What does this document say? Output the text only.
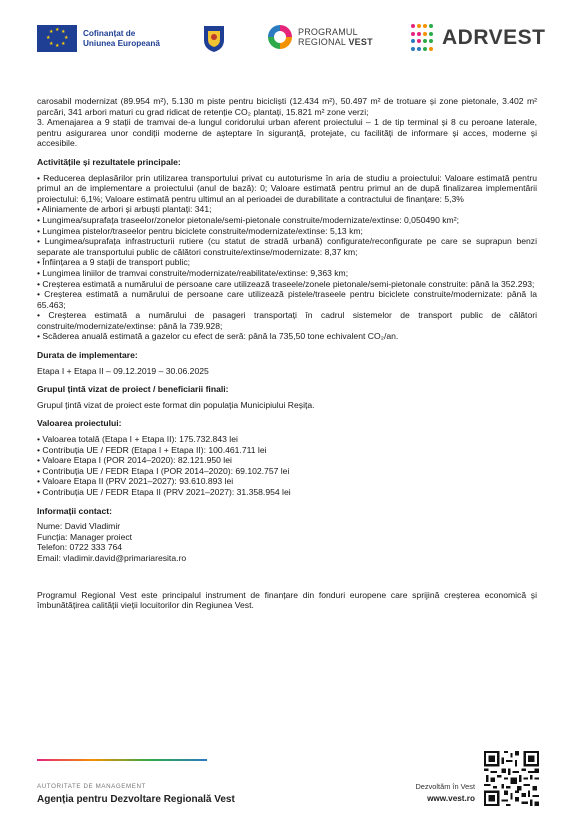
★ ★
★
★
★
★
★
★	Cofinanțat de
Uniunea Europeană
PROGRAMUL
REGIONAL VEST	ADRVEST

carosabil modernizat (89.954 m²), 5.130 m piste pentru bicicliști (12.434 m²), 50.497 m² de trotuare și zone pietonale, 3.402 m² parcări, 341 arbori maturi cu grad ridicat de retenție CO₂ plantați, 15.821 m² zone verzi;

3. Amenajarea a 9 stații de tramvai de-a lungul coridorului urban aferent proiectului – 1 de tip terminal și 8 cu peroane laterale, pentru asigurarea unor condiții moderne de așteptare în siguranță, protejate, cu facilități de informare și acces, moderne și accesibile.

Activitățile și rezultatele principale:

• Reducerea deplasărilor prin utilizarea transportului privat cu autoturisme în aria de studiu a proiectului: Valoare estimată pentru primul an de implementare a proiectului (anul de bază): 0; Valoare estimată pentru primul an de după finalizarea implementării proiectului: 6,1%; Valoare estimată pentru ultimul an al perioadei de durabilitate a contractului de finanțare: 5,3%

• Aliniamente de arbori și arbuști plantați: 341;

• Lungimea/suprafața traseelor/zonelor pietonale/semi-pietonale construite/modernizate/extinse: 0,050490 km²;

• Lungimea pistelor/traseelor pentru biciclete construite/modernizate/extinse: 5,13 km;

• Lungimea/suprafața infrastructurii rutiere (cu statut de stradă urbană) configurate/reconfigurate pe care se suprapun benzi separate ale transportului public de călători construite/extinse/modernizate: 8,37 km;

• Înființarea a 9 stații de transport public;

• Lungimea liniilor de tramvai construite/modernizate/reabilitate/extinse: 9,363 km;

• Creșterea estimată a numărului de persoane care utilizează traseele/zonele pietonale/semi-pietonale construite: până la 352.293;

• Creșterea estimată a numărului de persoane care utilizează pistele/traseele pentru biciclete construite/modernizate: până la 65.463;

• Creșterea estimată a numărului de pasageri transportați în cadrul sistemelor de transport public de călători construite/modernizate/extinse: până la 739.928;

• Scăderea anuală estimată a gazelor cu efect de seră: până la 735,50 tone echivalent CO₂/an.

Durata de implementare:

Etapa I + Etapa II – 09.12.2019 – 30.06.2025

Grupul țintă vizat de proiect / beneficiarii finali:

Grupul țintă vizat de proiect este format din populația Municipiului Reșița.

Valoarea proiectului:

• Valoarea totală (Etapa I + Etapa II): 175.732.843 lei

• Contribuția UE / FEDR (Etapa I + Etapa II): 100.461.711 lei

• Valoare Etapa I (POR 2014–2020): 82.121.950 lei

• Contribuția UE / FEDR Etapa I (POR 2014–2020): 69.102.757 lei

• Valoare Etapa II (PRV 2021–2027): 93.610.893 lei

• Contribuția UE / FEDR Etapa II (PRV 2021–2027): 31.358.954 lei

Informații contact:

Nume: David Vladimir

Funcția: Manager proiect

Telefon: 0722 333 764

Email: vladimir.david@primariaresita.ro

Programul Regional Vest este principalul instrument de finanțare din fonduri europene care sprijină creșterea economică și îmbunătățirea calității vieții locuitorilor din Regiunea Vest.

AUTORITATE DE MANAGEMENT
Agenția pentru Dezvoltare Regională Vest
Dezvoltăm în Vest
www.vest.ro
